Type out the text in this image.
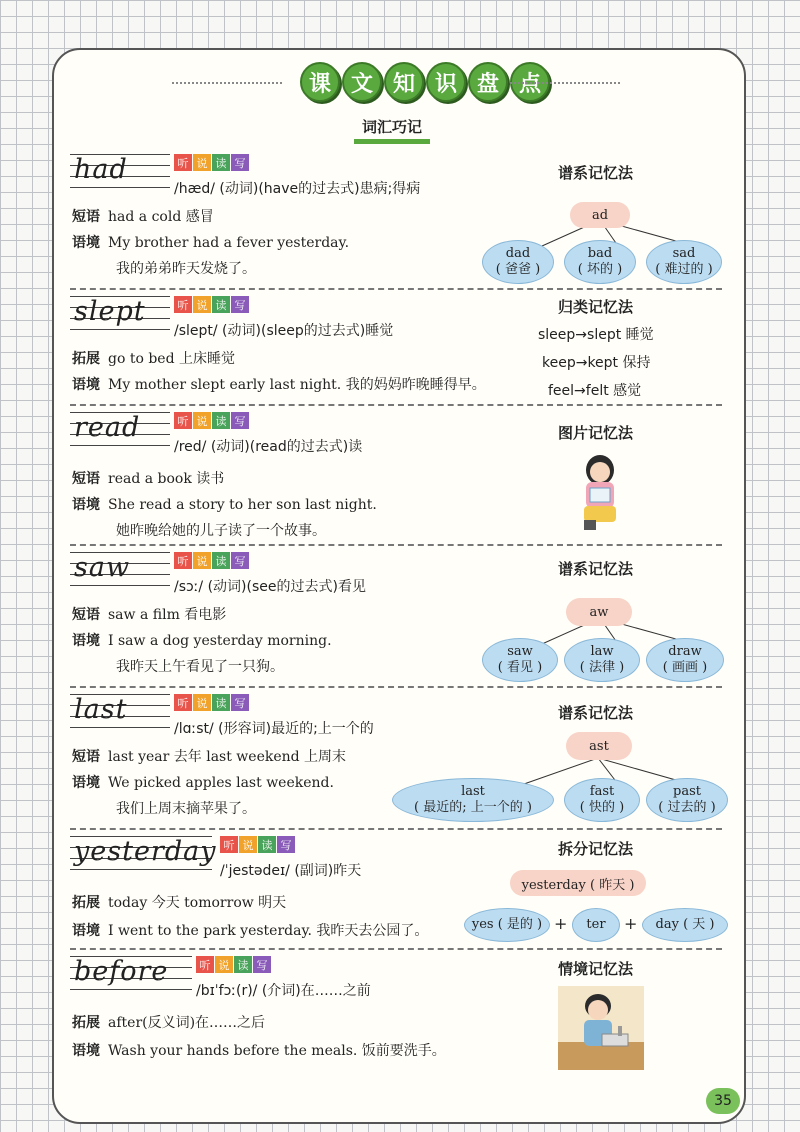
课 文 知 识 盘 点
词汇巧记
had	听 说 读 写
/hæd/ (动词)(have的过去式)患病;得病
短语 had a cold 感冒
语境 My brother had a fever yesterday.
我的弟弟昨天发烧了。
谱系记忆法
ad
dad
( 爸爸 )
bad
( 坏的 )
sad
( 难过的 )
slept	听 说 读 写
/slept/ (动词)(sleep的过去式)睡觉
拓展 go to bed 上床睡觉
语境 My mother slept early last night. 我的妈妈昨晚睡得早。
归类记忆法
sleep→slept 睡觉
keep→kept 保持
feel→felt 感觉
read	听 说 读 写
/red/ (动词)(read的过去式)读
短语 read a book 读书
语境 She read a story to her son last night.
她昨晚给她的儿子读了一个故事。
图片记忆法
saw	听 说 读 写
/sɔː/ (动词)(see的过去式)看见
短语 saw a film 看电影
语境 I saw a dog yesterday morning.
我昨天上午看见了一只狗。
谱系记忆法
aw
saw
( 看见 )
law
( 法律 )
draw
( 画画 )
last	听 说 读 写
/lɑːst/ (形容词)最近的;上一个的
短语 last year 去年 last weekend 上周末
语境 We picked apples last weekend.
我们上周末摘苹果了。
谱系记忆法
ast
last
( 最近的; 上一个的 )
fast
( 快的 )
past
( 过去的 )
yesterday 听 说 读 写
/ˈjestədeɪ/ (副词)昨天
拓展 today 今天 tomorrow 明天
语境 I went to the park yesterday. 我昨天去公园了。
拆分记忆法
yesterday ( 昨天 )
yes ( 是的 ) +	ter	+	day ( 天 )
before	听 说 读 写
/bɪˈfɔː(r)/ (介词)在……之前
拓展 after(反义词)在……之后
语境 Wash your hands before the meals. 饭前要洗手。
情境记忆法
35
